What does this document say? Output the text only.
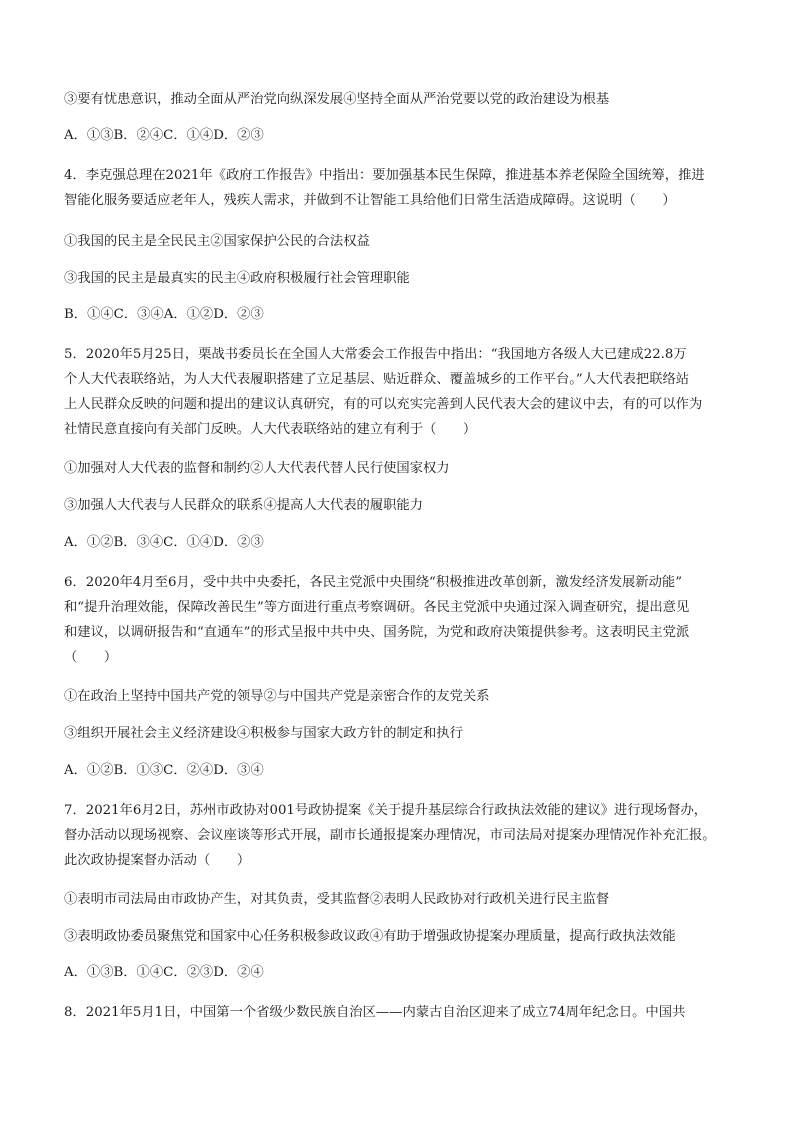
③要有忧患意识，推动全面从严治党向纵深发展④坚持全面从严治党要以党的政治建设为根基
A．①③B．②④C．①④D．②③
4．李克强总理在2021年《政府工作报告》中指出：要加强基本民生保障，推进基本养老保险全国统筹，推进
智能化服务要适应老年人，残疾人需求，并做到不让智能工具给他们日常生活造成障碍。这说明（　　）
①我国的民主是全民民主②国家保护公民的合法权益
③我国的民主是最真实的民主④政府积极履行社会管理职能
B．①④C．③④A．①②D．②③
5．2020年5月25日，栗战书委员长在全国人大常委会工作报告中指出：“我国地方各级人大已建成22.8万
个人大代表联络站，为人大代表履职搭建了立足基层、贴近群众、覆盖城乡的工作平台。”人大代表把联络站
上人民群众反映的问题和提出的建议认真研究，有的可以充实完善到人民代表大会的建议中去，有的可以作为
社情民意直接向有关部门反映。人大代表联络站的建立有利于（　　）
①加强对人大代表的监督和制约②人大代表代替人民行使国家权力
③加强人大代表与人民群众的联系④提高人大代表的履职能力
A．①②B．③④C．①④D．②③
6．2020年4月至6月，受中共中央委托，各民主党派中央围绕“积极推进改革创新，激发经济发展新动能”
和“提升治理效能，保障改善民生”等方面进行重点考察调研。各民主党派中央通过深入调查研究，提出意见
和建议，以调研报告和“直通车”的形式呈报中共中央、国务院，为党和政府决策提供参考。这表明民主党派
（　　）
①在政治上坚持中国共产党的领导②与中国共产党是亲密合作的友党关系
③组织开展社会主义经济建设④积极参与国家大政方针的制定和执行
A．①②B．①③C．②④D．③④
7．2021年6月2日，苏州市政协对001号政协提案《关于提升基层综合行政执法效能的建议》进行现场督办，
督办活动以现场视察、会议座谈等形式开展，副市长通报提案办理情况，市司法局对提案办理情况作补充汇报。
此次政协提案督办活动（　　）
①表明市司法局由市政协产生，对其负责，受其监督②表明人民政协对行政机关进行民主监督
③表明政协委员聚焦党和国家中心任务积极参政议政④有助于增强政协提案办理质量，提高行政执法效能
A．①③B．①④C．②③D．②④
8．2021年5月1日，中国第一个省级少数民族自治区——内蒙古自治区迎来了成立74周年纪念日。中国共
